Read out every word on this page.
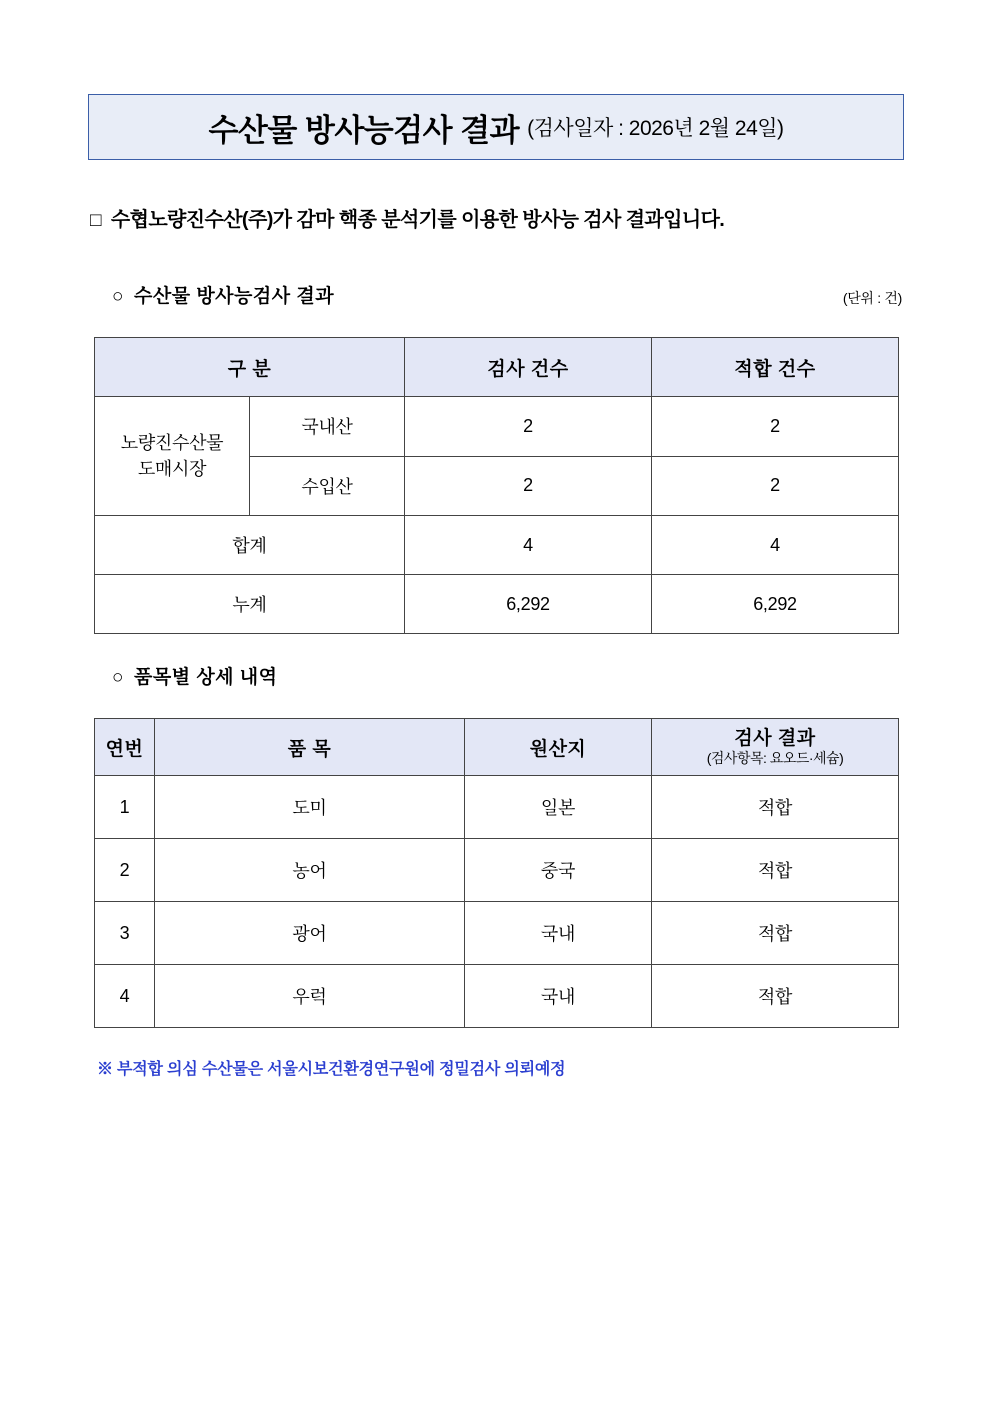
수산물 방사능검사 결과 (검사일자 : 2026년 2월 24일)
□ 수협노량진수산(주)가 감마 핵종 분석기를 이용한 방사능 검사 결과입니다.
○ 수산물 방사능검사 결과	(단위 : 건)
구 분		검사 건수	적합 건수

노량진수산물
도매시장	국내산	2	2
	수입산	2	2
합계		4	4
누계		6,292	6,292
○ 품목별 상세 내역
연번	품 목	원산지	검사 결과
(검사항목: 요오드·세슘)

1	도미	일본	적합
2	농어	중국	적합
3	광어	국내	적합
4	우럭	국내	적합
※ 부적합 의심 수산물은 서울시보건환경연구원에 정밀검사 의뢰예정
